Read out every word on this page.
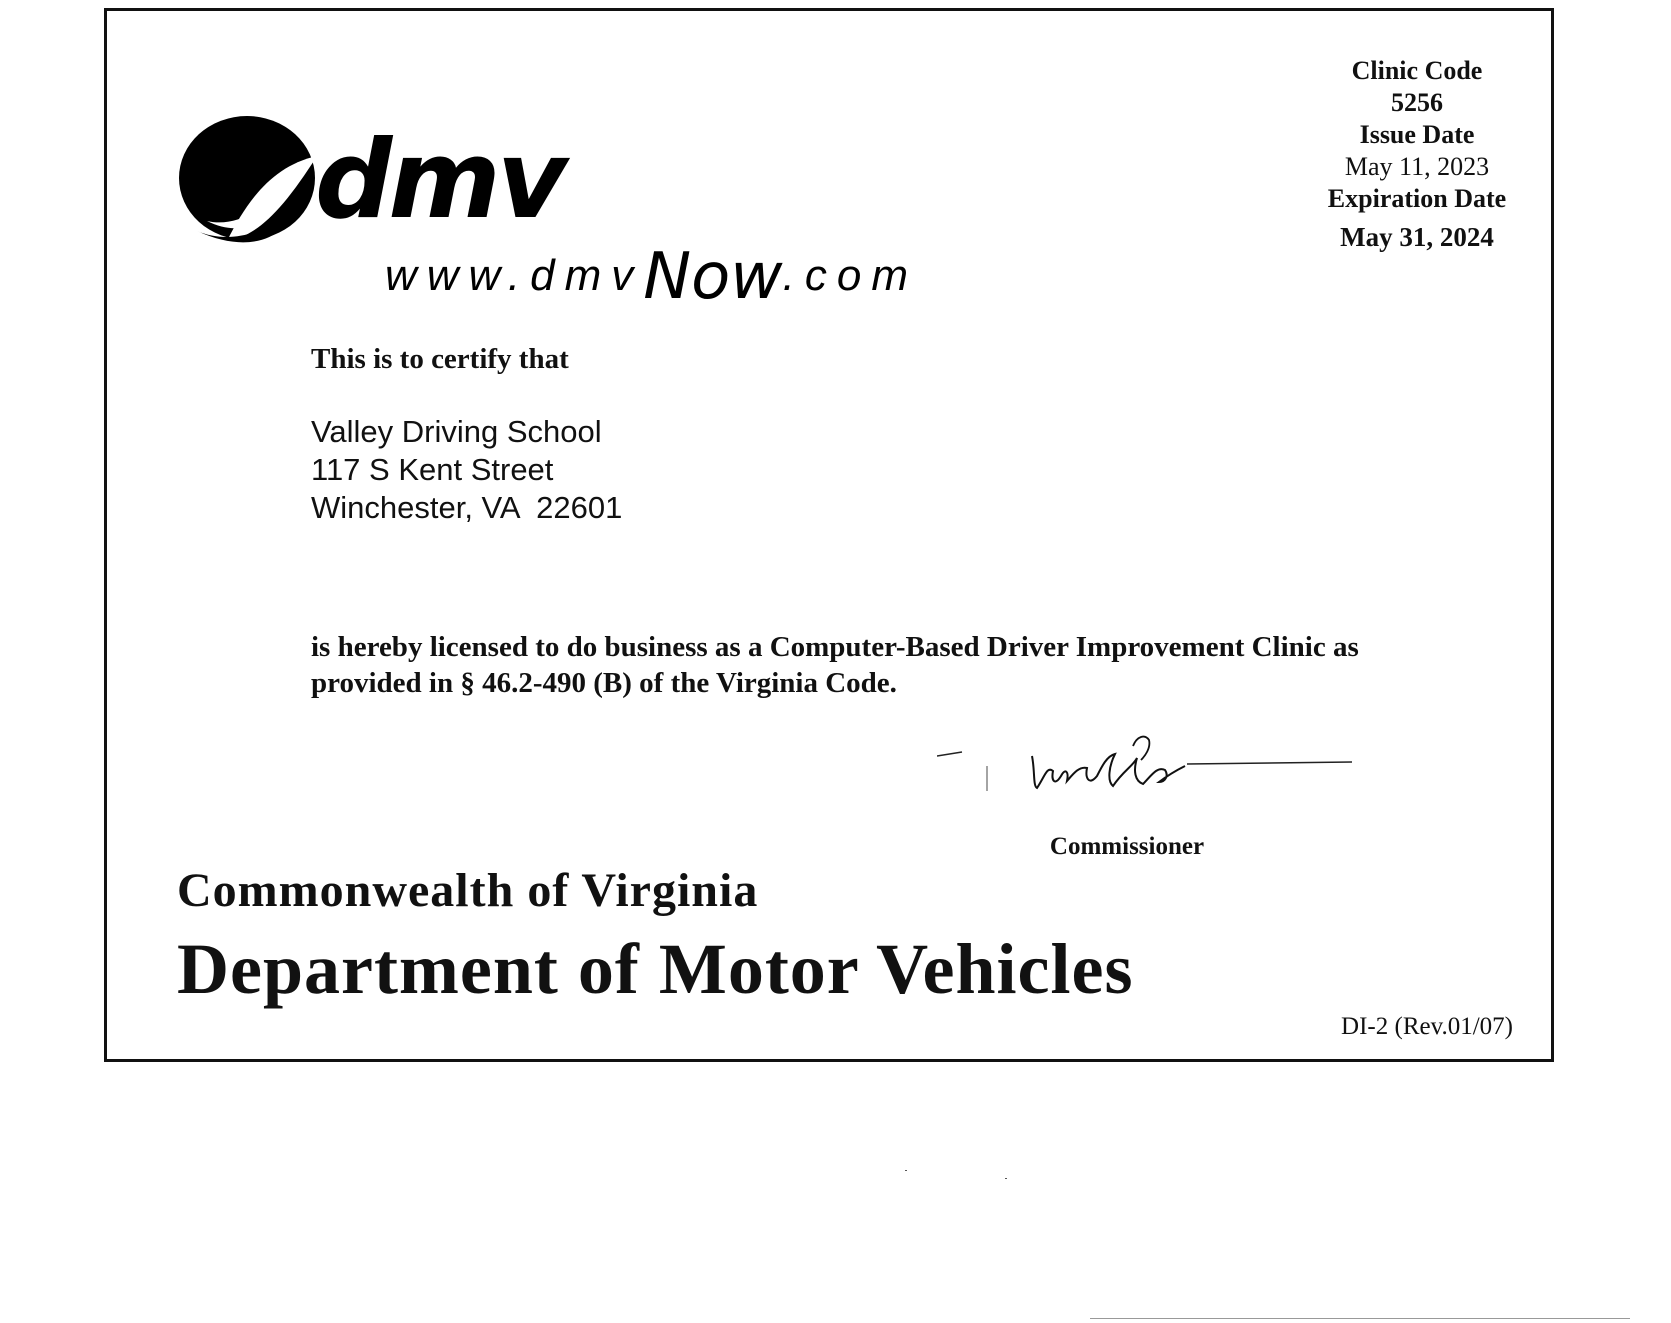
Clinic Code
5256
Issue Date
May 11, 2023
Expiration Date
May 31, 2024
dmv
www.dmvNow.com
This is to certify that
Valley Driving School
117 S Kent Street
Winchester, VA  22601
is hereby licensed to do business as a Computer-Based Driver Improvement Clinic as provided in § 46.2-490 (B) of the Virginia Code.
Commissioner
Commonwealth of Virginia
Department of Motor Vehicles
DI-2 (Rev.01/07)
